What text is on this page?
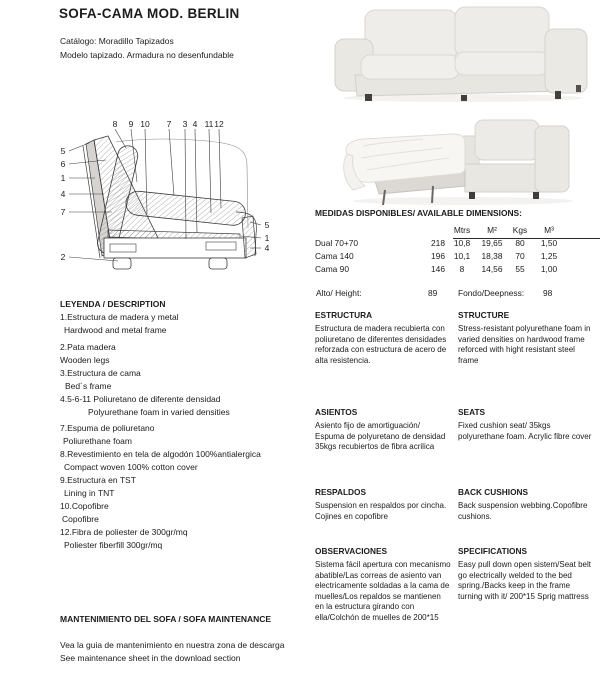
SOFA-CAMA MOD. BERLIN
Catálogo: Moradillo Tapizados
Modelo tapizado. Armadura no desenfundable
8 9 10 7 3 4 11 12
5
6
1
4
7
2
5
1
4
MEDIDAS DISPONIBLES/ AVAILABLE DIMENSIONS:
Mtrs	M²	Kgs	M³
Dual 70+70	218	10,8	19,65	80	1,50
Cama 140	196	10,1	18,38	70	1,25
Cama 90	146	8	14,56	55	1,00
Alto/ Height:	89 Fondo/Deepness: 98
ESTRUCTURA

Estructura de madera recubierta con poliuretano de diferentes densidades reforzada con estructura de acero de alta resistencia.

STRUCTURE

Stress-resistant polyurethane foam in varied densities on hardwood frame reforced with hight resistant steel frame

ASIENTOS

Asiento fijo de amortiguación/ Espuma de polyuretano de densidad 35kgs recubiertos de fibra acrilica

SEATS

Fixed cushion seat/ 35kgs polyurethane foam. Acrylic fibre cover

RESPALDOS

Suspension en respaldos por cincha. Cojines en copofibre

BACK CUSHIONS

Back suspension webbing.Copofibre cushions.

OBSERVACIONES

Sistema fácil apertura con mecanismo abatible/Las correas de asiento van electricamente soldadas a la cama de muelles/Los repaldos se mantienen en la estructura girando con ella/Colchón de muelles de 200*15

SPECIFICATIONS

Easy pull down open sistem/Seat belt go electrically welded to the bed spring./Backs keep in the frame turning with it/ 200*15 Sprig mattress

LEYENDA / DESCRIPTION
1.Estructura de madera y metal
Hardwood and metal frame
2.Pata madera
Wooden legs
3.Estructura de cama
Bed´s frame
4.5-6-11 Poliuretano de diferente densidad
Polyurethane foam in varied densities
7.Espuma de poliuretano
Poliurethane foam
8.Revestimiento en tela de algodón 100%antialergica
Compact woven 100% cotton cover
9.Estructura en TST
Lining in TNT
10.Copofibre
Copofibre
12.Fibra de poliester de 300gr/mq
Poliester fiberfill 300gr/mq
MANTENIMIENTO DEL SOFA / SOFA MAINTENANCE
Vea la guia de mantenimiento en nuestra zona de descarga
See maintenance sheet in the download section
